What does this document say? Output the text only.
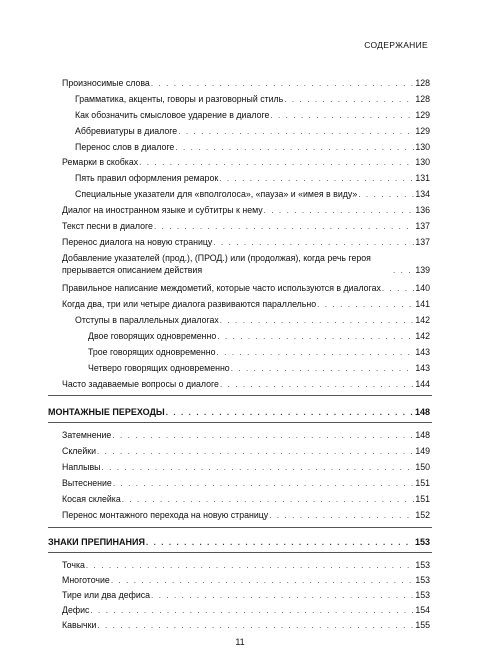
СОДЕРЖАНИЕ
Произносимые слова . . .	128
Грамматика, акценты, говоры и разговорный стиль . . .	128
Как обозначить смысловое ударение в диалоге . . .	129
Аббревиатуры в диалоге . . .	129
Перенос слов в диалоге . . .	130
Ремарки в скобках . . .	130
Пять правил оформления ремарок . . .	131
Специальные указатели для «вполголоса», «пауза» и «имея в виду» . . .	134
Диалог на иностранном языке и субтитры к нему . . .	136
Текст песни в диалоге . . .	137
Перенос диалога на новую страницу . . .	137
Добавление указателей (прод.), (ПРОД.) или (продолжая), когда речь героя прерывается описанием действия . . .	139
Правильное написание междометий, которые часто используются в диалогах . . .	140
Когда два, три или четыре диалога развиваются параллельно . . .	141
Отступы в параллельных диалогах . . .	142
Двое говорящих одновременно . . .	142
Трое говорящих одновременно . . .	143
Четверо говорящих одновременно . . .	143
Часто задаваемые вопросы о диалоге . . .	144
МОНТАЖНЫЕ ПЕРЕХОДЫ . . .	148
Затемнение . . .	148
Склейки . . .	149
Наплывы . . .	150
Вытеснение . . .	151
Косая склейка . . .	151
Перенос монтажного перехода на новую страницу . . .	152
ЗНАКИ ПРЕПИНАНИЯ . . .	153
Точка . . .	153
Многоточие . . .	153
Тире или два дефиса . . .	153
Дефис . . .	154
Кавычки . . .	155
11
